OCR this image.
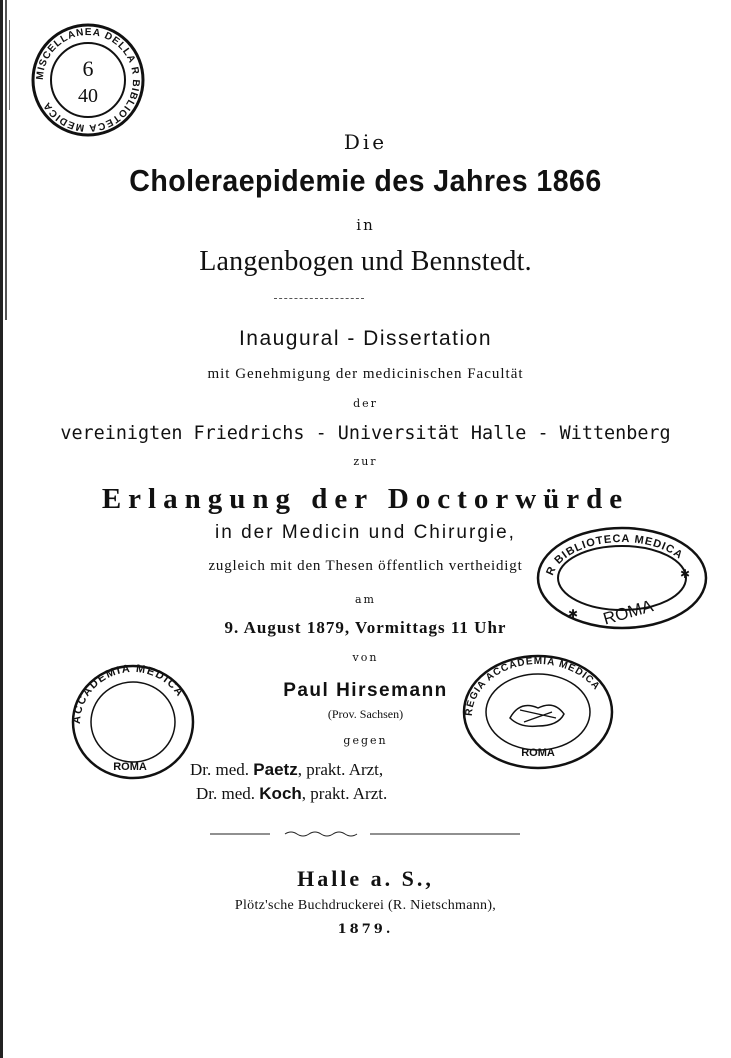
MISCELLANEA DELLA R BIBLIOTECA MEDICA
6
40
Die
Choleraepidemie des Jahres 1866
in
Langenbogen und Bennstedt.
Inaugural - Dissertation
mit Genehmigung der medicinischen Facultät
der
vereinigten Friedrichs - Universität Halle - Wittenberg
zur
Erlangung der Doctorwürde
in der Medicin und Chirurgie,
zugleich mit den Thesen öffentlich vertheidigt
am
9. August 1879, Vormittags 11 Uhr
von
Paul Hirsemann
(Prov. Sachsen)
gegen
Dr. med. Paetz, prakt. Arzt,
Dr. med. Koch, prakt. Arzt.
Halle a. S.,
Plötz'sche Buchdruckerei (R. Nietschmann),
1879.
R BIBLIOTECA MEDICA
ROMA
✱
✱
ACCADEMIA MEDICA
ROMA
REGIA ACCADEMIA MEDICA
ROMA
